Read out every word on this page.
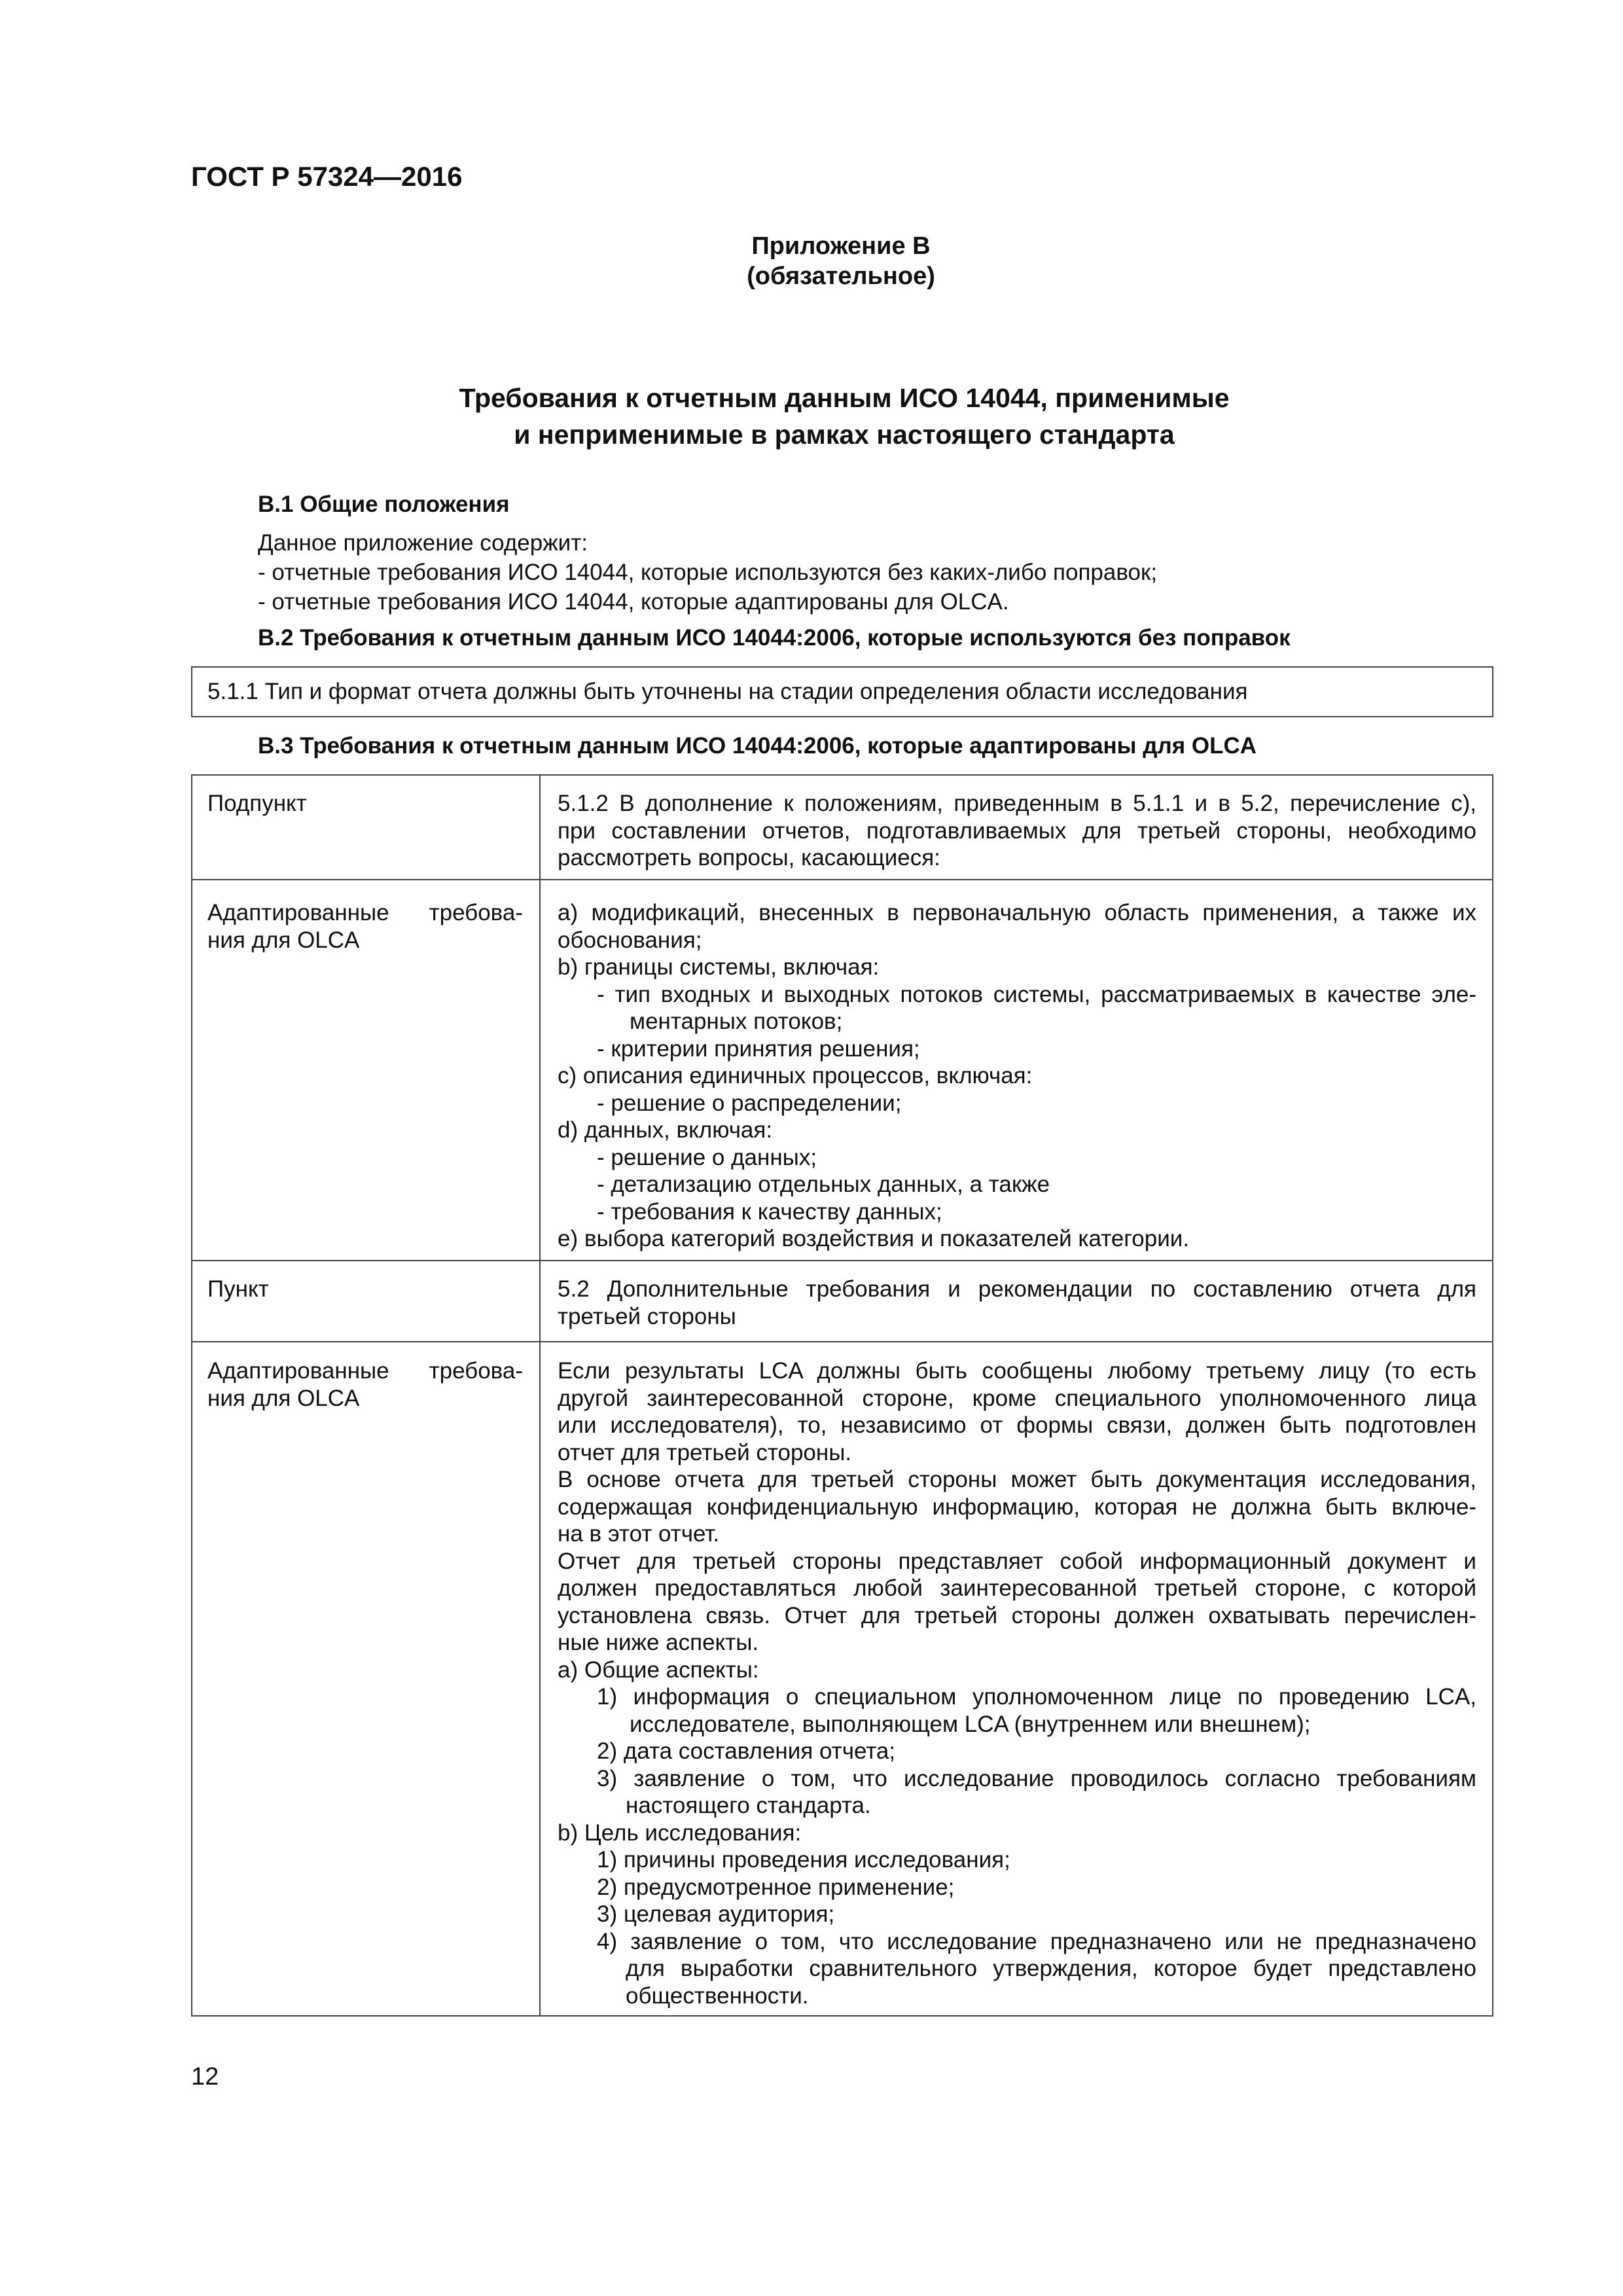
ГОСТ Р 57324—2016
Приложение В
(обязательное)
Требования к отчетным данным ИСО 14044, применимые
и неприменимые в рамках настоящего стандарта
В.1 Общие положения
Данное приложение содержит:
- отчетные требования ИСО 14044, которые используются без каких-либо поправок;
- отчетные требования ИСО 14044, которые адаптированы для OLCA.
В.2 Требования к отчетным данным ИСО 14044:2006, которые используются без поправок
5.1.1 Тип и формат отчета должны быть уточнены на стадии определения области исследования
В.3 Требования к отчетным данным ИСО 14044:2006, которые адаптированы для OLCA
Подпункт	5.1.2 В дополнение к положениям, приведенным в 5.1.1 и в 5.2, перечисление с),
при составлении отчетов, подготавливаемых для третьей стороны, необходимо
рассмотреть вопросы, касающиеся:
Адаптированные требова-
ния для OLCA
а) модификаций, внесенных в первоначальную область применения, а также их
обоснования;
b) границы системы, включая:
- тип входных и выходных потоков системы, рассматриваемых в качестве эле-
ментарных потоков;
- критерии принятия решения;
с) описания единичных процессов, включая:
- решение о распределении;
d) данных, включая:
- решение о данных;
- детализацию отдельных данных, а также
- требования к качеству данных;
е) выбора категорий воздействия и показателей категории.
Пункт	5.2 Дополнительные требования и рекомендации по составлению отчета для
третьей стороны
Адаптированные требова-
ния для OLCA
Если результаты LCA должны быть сообщены любому третьему лицу (то есть
другой заинтересованной стороне, кроме специального уполномоченного лица
или исследователя), то, независимо от формы связи, должен быть подготовлен
отчет для третьей стороны.
В основе отчета для третьей стороны может быть документация исследования,
содержащая конфиденциальную информацию, которая не должна быть включе-
на в этот отчет.
Отчет для третьей стороны представляет собой информационный документ и
должен предоставляться любой заинтересованной третьей стороне, с которой
установлена связь. Отчет для третьей стороны должен охватывать перечислен-
ные ниже аспекты.
а) Общие аспекты:
1) информация о специальном уполномоченном лице по проведению LCA,
исследователе, выполняющем LCA (внутреннем или внешнем);
2) дата составления отчета;
3) заявление о том, что исследование проводилось согласно требованиям
настоящего стандарта.
b) Цель исследования:
1) причины проведения исследования;
2) предусмотренное применение;
3) целевая аудитория;
4) заявление о том, что исследование предназначено или не предназначено
для выработки сравнительного утверждения, которое будет представлено
общественности.
12
